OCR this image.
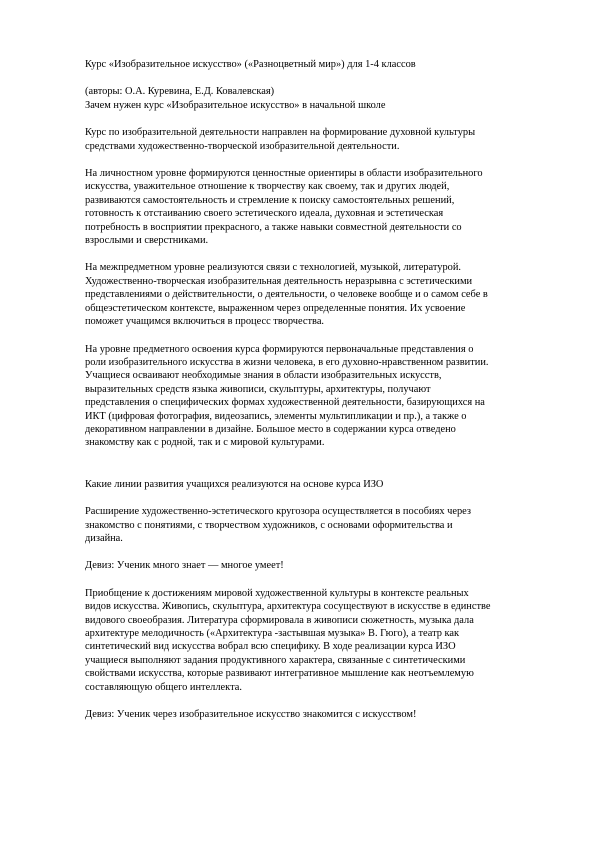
Курс «Изобразительное искусство» («Разноцветный мир») для 1-4 классов

(авторы: О.А. Куревина, Е.Д. Ковалевская)

Зачем нужен курс «Изобразительное искусство» в начальной школе

Курс по изобразительной деятельности направлен на формирование духовной культуры
средствами художественно-творческой изобразительной деятельности.

На личностном уровне формируются ценностные ориентиры в области изобразительного
искусства, уважительное отношение к творчеству как своему, так и других людей,
развиваются самостоятельность и стремление к поиску самостоятельных решений,
готовность к отстаиванию своего эстетического идеала, духовная и эстетическая
потребность в восприятии прекрасного, а также навыки совместной деятельности со
взрослыми и сверстниками.

На межпредметном уровне реализуются связи с технологией, музыкой, литературой.
Художественно-творческая изобразительная деятельность неразрывна с эстетическими
представлениями о действительности, о деятельности, о человеке вообще и о самом себе в
общеэстетическом контексте, выраженном через определенные понятия. Их усвоение
поможет учащимся включиться в процесс творчества.

На уровне предметного освоения курса формируются первоначальные представления о
роли изобразительного искусства в жизни человека, в его духовно-нравственном развитии.
Учащиеся осваивают необходимые знания в области изобразительных искусств,
выразительных средств языка живописи, скульптуры, архитектуры, получают
представления о специфических формах художественной деятельности, базирующихся на
ИКТ (цифровая фотография, видеозапись, элементы мультипликации и пр.), а также о
декоративном направлении в дизайне. Большое место в содержании курса отведено
знакомству как с родной, так и с мировой культурами.

Какие линии развития учащихся реализуются на основе курса ИЗО

Расширение художественно-эстетического кругозора осуществляется в пособиях через
знакомство с понятиями, с творчеством художников, с основами оформительства и
дизайна.

Девиз: Ученик много знает — многое умеет!

Приобщение к достижениям мировой художественной культуры в контексте реальных
видов искусства. Живопись, скульптура, архитектура сосуществуют в искусстве в единстве
видового своеобразия. Литература сформировала в живописи сюжетность, музыка дала
архитектуре мелодичность («Архитектура -застывшая музыка» В. Гюго), а театр как
синтетический вид искусства вобрал всю специфику. В ходе реализации курса ИЗО
учащиеся выполняют задания продуктивного характера, связанные с синтетическими
свойствами искусства, которые развивают интегративное мышление как неотъемлемую
составляющую общего интеллекта.

Девиз: Ученик через изобразительное искусство знакомится с искусством!
